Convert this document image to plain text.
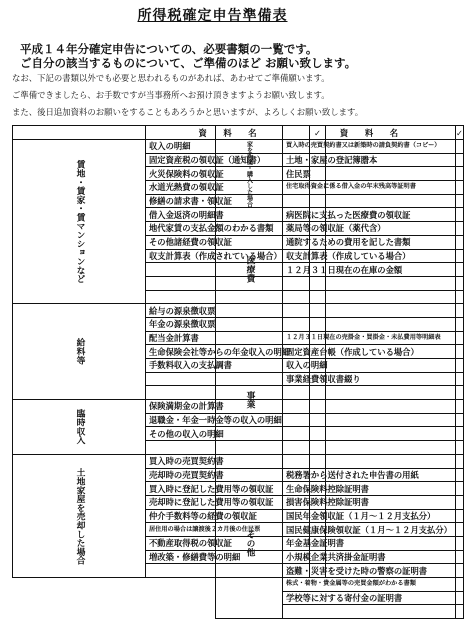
所得税確定申告準備表
平成１４年分確定申告についての、必要書類の一覧です。
ご自分の該当するものについて、ご準備のほど お願い致します。
なお、下記の書類以外でも必要と思われるものがあれば、あわせてご準備願います。
ご準備できましたら、お手数ですが当事務所へお預け頂きますようお願い致します。
また、後日追加資料のお願いをすることもあろうかと思いますが、よろしくお願い致します。
	資　　料　　名	✓
賃地・賃家・賃マンションなど	収入の明細	
	固定資産税の領収証（通知書）	
	火災保険料の領収証	
	水道光熱費の領収証	
	修繕の請求書・領収証	
	借入金返済の明細書	
	地代家賃の支払金額のわかる書類	
	その他諸経費の領収証	
	収支計算表（作成されている場合）	

給料等	給与の源泉徴収票	
	年金の源泉徴収票	
	配当金計算書	
	生命保険会社等からの年金収入の明細	
	手数料収入の支払調書	

臨時収入	保険満期金の計算書	
	退職金・年金一時金等の収入の明細	
	その他の収入の明細	

土地家屋を売却した場合	買入時の売買契約書	
	売却時の売買契約書	
	買入時に登記した費用等の領収証	
	売却時に登記した費用等の領収証	
	仲介手数料等の経費の領収証	
	居住用の場合は譲渡後２カ月後の住民票	
	不動産取得税の領収証	
	増改築・修繕費等の明細	

	資　　料　　名	✓
家を新築・購入した場合	買入時の売買契約書又は新築時の請負契約書（コピー）	
	土地・家屋の登記簿謄本	
	住民票	
	住宅取得資金に係る借入金の年末残高等証明書	

医療費	病医院に支払った医療費の領収証	
	薬局等の領収証（薬代含）	
	通院するための費用を記した書類	
	収支計算表（作成している場合）	
	１２月３１日現在の在庫の金額	

事業	１２月３１日現在の売掛金・買掛金・未払費用等明細表	
	固定資産台帳（作成している場合）	
	収入の明細	
	事業経費領収書綴り	

その他	税務署から送付された申告書の用紙	
	生命保険料控除証明書	
	損害保険料控除証明書	
	国民年金領収証（１月～１２月支払分）	
	国民健康保険領収証（１月～１２月支払分）	
	年金基金証明書	
	小規模企業共済掛金証明書	
	盗難・災害を受けた時の警察の証明書	
	株式・着物・貴金属等の売買金額がわかる書類	
	学校等に対する寄付金の証明書	
